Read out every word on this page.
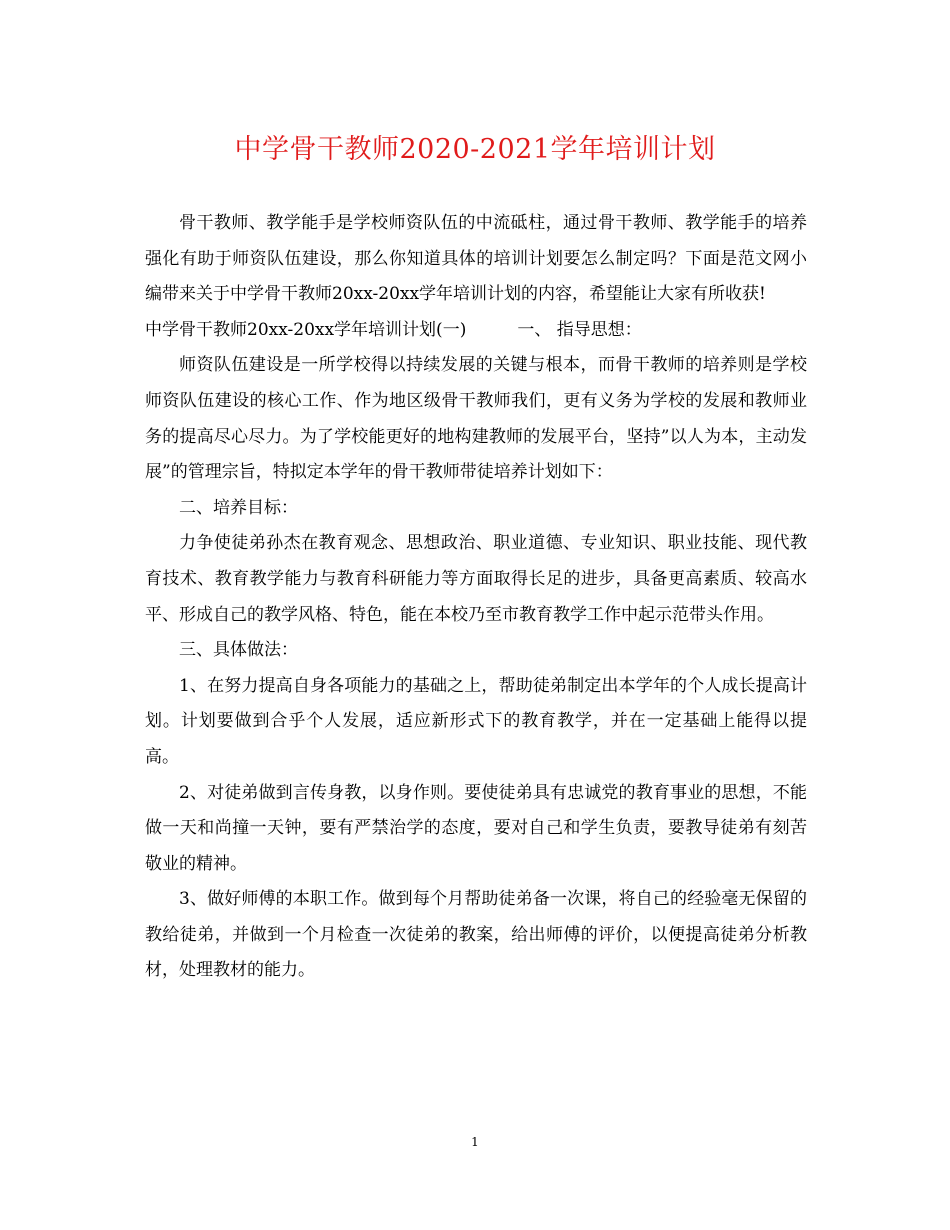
中学骨干教师2020-2021学年培训计划

骨干教师、教学能手是学校师资队伍的中流砥柱，通过骨干教师、教学能手的培养强化有助于师资队伍建设，那么你知道具体的培训计划要怎么制定吗？下面是范文网小编带来关于中学骨干教师20xx-20xx学年培训计划的内容，希望能让大家有所收获!

中学骨干教师20xx-20xx学年培训计划(一)　　　一、 指导思想：

师资队伍建设是一所学校得以持续发展的关键与根本，而骨干教师的培养则是学校师资队伍建设的核心工作、作为地区级骨干教师我们，更有义务为学校的发展和教师业务的提高尽心尽力。为了学校能更好的地构建教师的发展平台，坚持”以人为本，主动发展”的管理宗旨，特拟定本学年的骨干教师带徒培养计划如下：

二、培养目标：

力争使徒弟孙杰在教育观念、思想政治、职业道德、专业知识、职业技能、现代教育技术、教育教学能力与教育科研能力等方面取得长足的进步，具备更高素质、较高水平、形成自己的教学风格、特色，能在本校乃至市教育教学工作中起示范带头作用。

三、具体做法：

1、在努力提高自身各项能力的基础之上，帮助徒弟制定出本学年的个人成长提高计划。计划要做到合乎个人发展，适应新形式下的教育教学，并在一定基础上能得以提高。

2、对徒弟做到言传身教，以身作则。要使徒弟具有忠诚党的教育事业的思想，不能做一天和尚撞一天钟，要有严禁治学的态度，要对自己和学生负责，要教导徒弟有刻苦敬业的精神。

3、做好师傅的本职工作。做到每个月帮助徒弟备一次课，将自己的经验毫无保留的教给徒弟，并做到一个月检查一次徒弟的教案，给出师傅的评价，以便提高徒弟分析教材，处理教材的能力。

1
